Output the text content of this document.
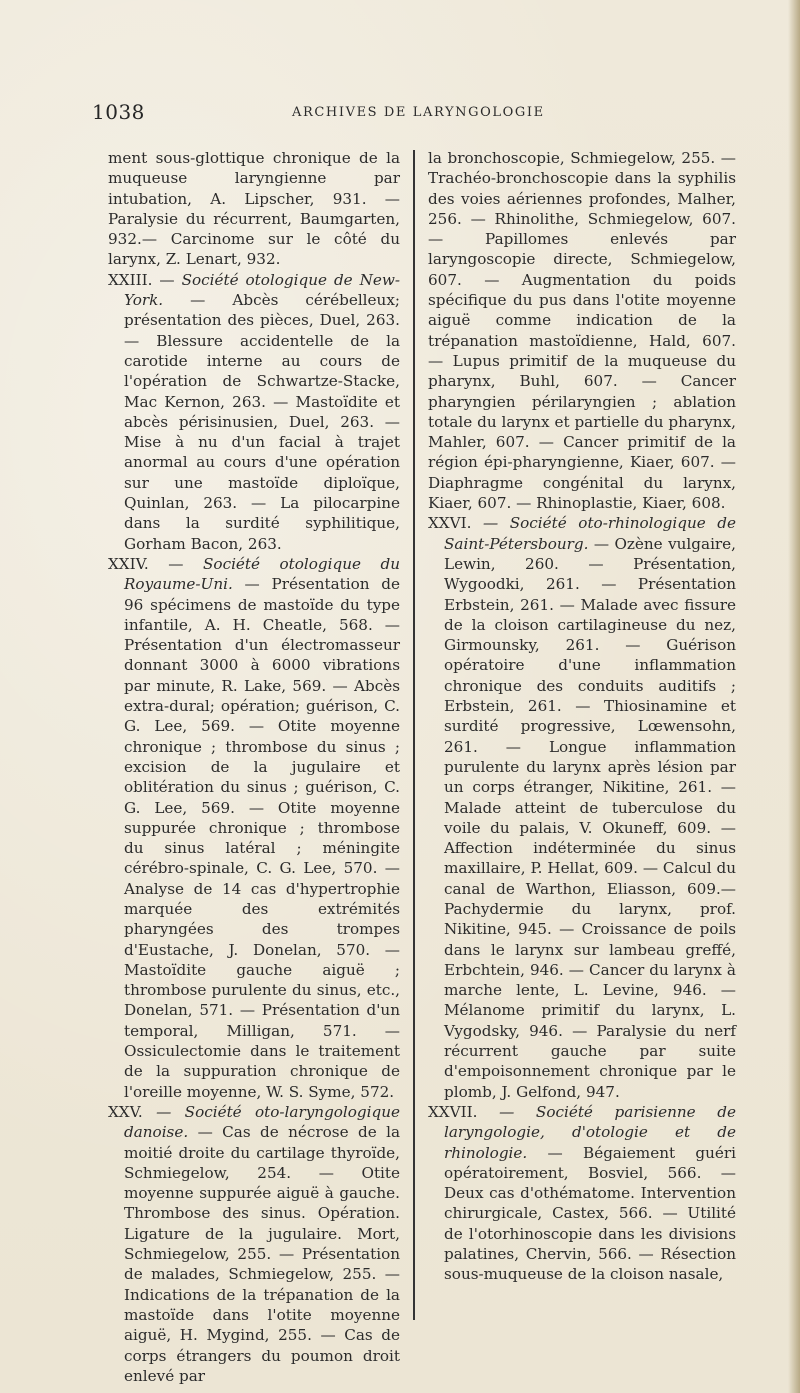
1038	ARCHIVES DE LARYNGOLOGIE

ment sous-glottique chronique de la muqueuse laryngienne par intubation, A. Lipscher, 931. — Paralysie du récurrent, Baumgarten, 932.— Carcinome sur le côté du larynx, Z. Lenart, 932.

XXIII. — Société otologique de New-York. — Abcès cérébelleux; présentation des pièces, Duel, 263. — Blessure accidentelle de la carotide interne au cours de l'opération de Schwartze-Stacke, Mac Kernon, 263. — Mastoïdite et abcès périsinusien, Duel, 263. — Mise à nu d'un facial à trajet anormal au cours d'une opération sur une mastoïde diploïque, Quinlan, 263. — La pilocarpine dans la surdité syphilitique, Gorham Bacon, 263.

XXIV. — Société otologique du Royaume-Uni. — Présentation de 96 spécimens de mastoïde du type infantile, A. H. Cheatle, 568. — Présentation d'un électromasseur donnant 3000 à 6000 vibrations par minute, R. Lake, 569. — Abcès extra-dural; opération; guérison, C. G. Lee, 569. — Otite moyenne chronique ; thrombose du sinus ; excision de la jugulaire et oblitération du sinus ; guérison, C. G. Lee, 569. — Otite moyenne suppurée chronique ; thrombose du sinus latéral ; méningite cérébro-spinale, C. G. Lee, 570. — Analyse de 14 cas d'hypertrophie marquée des extrémités pharyngées des trompes d'Eustache, J. Donelan, 570. — Mastoïdite gauche aiguë ; thrombose purulente du sinus, etc., Donelan, 571. — Présentation d'un temporal, Milligan, 571. — Ossiculectomie dans le traitement de la suppuration chronique de l'oreille moyenne, W. S. Syme, 572.

XXV. — Société oto-laryngologique danoise. — Cas de nécrose de la moitié droite du cartilage thyroïde, Schmiegelow, 254. — Otite moyenne suppurée aiguë à gauche. Thrombose des sinus. Opération. Ligature de la jugulaire. Mort, Schmiegelow, 255. — Présentation de malades, Schmiegelow, 255. — Indications de la trépanation de la mastoïde dans l'otite moyenne aiguë, H. Mygind, 255. — Cas de corps étrangers du poumon droit enlevé par

la bronchoscopie, Schmiegelow, 255. — Trachéo-bronchoscopie dans la syphilis des voies aériennes profondes, Malher, 256. — Rhinolithe, Schmiegelow, 607. — Papillomes enlevés par laryngoscopie directe, Schmiegelow, 607. — Augmentation du poids spécifique du pus dans l'otite moyenne aiguë comme indication de la trépanation mastoïdienne, Hald, 607. — Lupus primitif de la muqueuse du pharynx, Buhl, 607. — Cancer pharyngien périlaryngien ; ablation totale du larynx et partielle du pharynx, Mahler, 607. — Cancer primitif de la région épi-pharyngienne, Kiaer, 607. — Diaphragme congénital du larynx, Kiaer, 607. — Rhinoplastie, Kiaer, 608.

XXVI. — Société oto-rhinologique de Saint-Pétersbourg. — Ozène vulgaire, Lewin, 260. — Présentation, Wygoodki, 261. — Présentation Erbstein, 261. — Malade avec fissure de la cloison cartilagineuse du nez, Girmounsky, 261. — Guérison opératoire d'une inflammation chronique des conduits auditifs ; Erbstein, 261. — Thiosinamine et surdité progressive, Lœwensohn, 261. — Longue inflammation purulente du larynx après lésion par un corps étranger, Nikitine, 261. — Malade atteint de tuberculose du voile du palais, V. Okuneff, 609. — Affection indéterminée du sinus maxillaire, P. Hellat, 609. — Calcul du canal de Warthon, Eliasson, 609.— Pachydermie du larynx, prof. Nikitine, 945. — Croissance de poils dans le larynx sur lambeau greffé, Erbchtein, 946. — Cancer du larynx à marche lente, L. Levine, 946. — Mélanome primitif du larynx, L. Vygodsky, 946. — Paralysie du nerf récurrent gauche par suite d'empoisonnement chronique par le plomb, J. Gelfond, 947.

XXVII. — Société parisienne de laryngologie, d'otologie et de rhinologie. — Bégaiement guéri opératoirement, Bosviel, 566. — Deux cas d'othématome. Intervention chirurgicale, Castex, 566. — Utilité de l'otorhinoscopie dans les divisions palatines, Chervin, 566. — Résection sous-muqueuse de la cloison nasale,
